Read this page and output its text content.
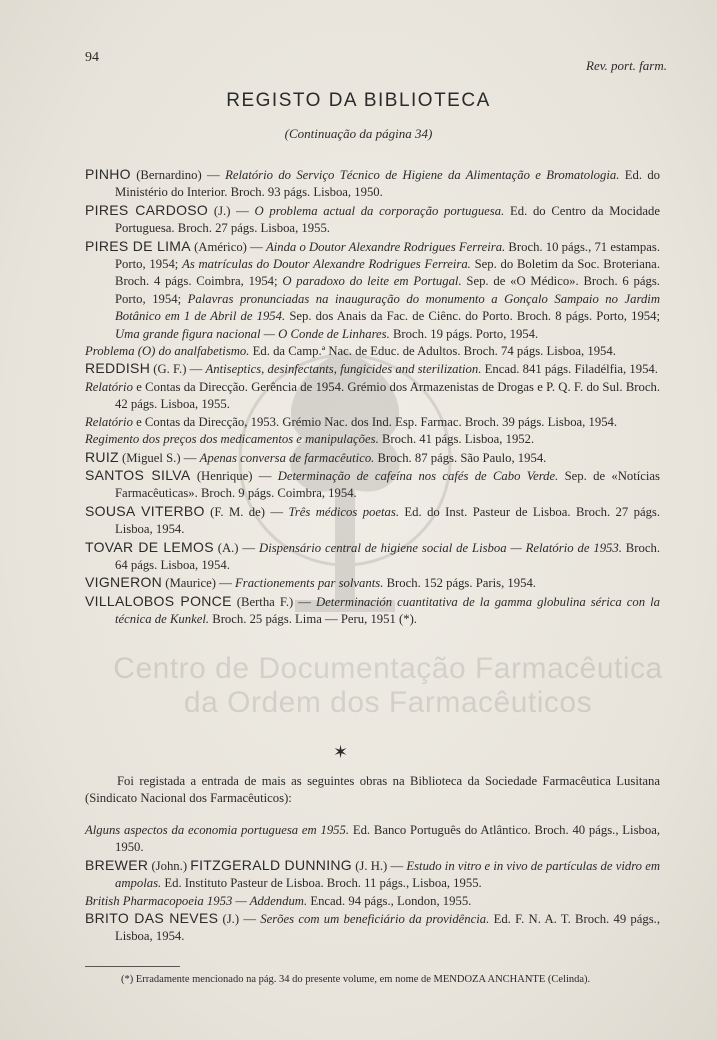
Centro de Documentação Farmacêutica
da Ordem dos Farmacêuticos
94
Rev. port. farm.
REGISTO DA BIBLIOTECA
(Continuação da página 34)

PINHO (Bernardino) — Relatório do Serviço Técnico de Higiene da Alimentação e Bromatologia. Ed. do Ministério do Interior. Broch. 93 págs. Lisboa, 1950.

PIRES CARDOSO (J.) — O problema actual da corporação portuguesa. Ed. do Centro da Mocidade Portuguesa. Broch. 27 págs. Lisboa, 1955.

PIRES DE LIMA (Américo) — Ainda o Doutor Alexandre Rodrigues Ferreira. Broch. 10 págs., 71 estampas. Porto, 1954; As matrículas do Doutor Alexandre Rodrigues Ferreira. Sep. do Boletim da Soc. Broteriana. Broch. 4 págs. Coimbra, 1954; O paradoxo do leite em Portugal. Sep. de «O Médico». Broch. 6 págs. Porto, 1954; Palavras pronunciadas na inauguração do monumento a Gonçalo Sampaio no Jardim Botânico em 1 de Abril de 1954. Sep. dos Anais da Fac. de Ciênc. do Porto. Broch. 8 págs. Porto, 1954; Uma grande figura nacional — O Conde de Linhares. Broch. 19 págs. Porto, 1954.

Problema (O) do analfabetismo. Ed. da Camp.ª Nac. de Educ. de Adultos. Broch. 74 págs. Lisboa, 1954.

REDDISH (G. F.) — Antiseptics, desinfectants, fungicides and sterilization. Encad. 841 págs. Filadélfia, 1954.

Relatório e Contas da Direcção. Gerência de 1954. Grémio dos Armazenistas de Drogas e P. Q. F. do Sul. Broch. 42 págs. Lisboa, 1955.

Relatório e Contas da Direcção, 1953. Grémio Nac. dos Ind. Esp. Farmac. Broch. 39 págs. Lisboa, 1954.

Regimento dos preços dos medicamentos e manipulações. Broch. 41 págs. Lisboa, 1952.

RUIZ (Miguel S.) — Apenas conversa de farmacêutico. Broch. 87 págs. São Paulo, 1954.

SANTOS SILVA (Henrique) — Determinação de cafeína nos cafés de Cabo Verde. Sep. de «Notícias Farmacêuticas». Broch. 9 págs. Coimbra, 1954.

SOUSA VITERBO (F. M. de) — Três médicos poetas. Ed. do Inst. Pasteur de Lisboa. Broch. 27 págs. Lisboa, 1954.

TOVAR DE LEMOS (A.) — Dispensário central de higiene social de Lisboa — Relatório de 1953. Broch. 64 págs. Lisboa, 1954.

VIGNERON (Maurice) — Fractionements par solvants. Broch. 152 págs. Paris, 1954.

VILLALOBOS PONCE (Bertha F.) — Determinación cuantitativa de la gamma globulina sérica con la técnica de Kunkel. Broch. 25 págs. Lima — Peru, 1951 (*).

✶

Foi registada a entrada de mais as seguintes obras na Biblioteca da Sociedade Farmacêutica Lusitana (Sindicato Nacional dos Farmacêuticos):

Alguns aspectos da economia portuguesa em 1955. Ed. Banco Português do Atlântico. Broch. 40 págs., Lisboa, 1950.

BREWER (John.) FITZGERALD DUNNING (J. H.) — Estudo in vitro e in vivo de partículas de vidro em ampolas. Ed. Instituto Pasteur de Lisboa. Broch. 11 págs., Lisboa, 1955.

British Pharmacopoeia 1953 — Addendum. Encad. 94 págs., London, 1955.

BRITO DAS NEVES (J.) — Serões com um beneficiário da providência. Ed. F. N. A. T. Broch. 49 págs., Lisboa, 1954.

(*) Erradamente mencionado na pág. 34 do presente volume, em nome de MENDOZA ANCHANTE (Celinda).
